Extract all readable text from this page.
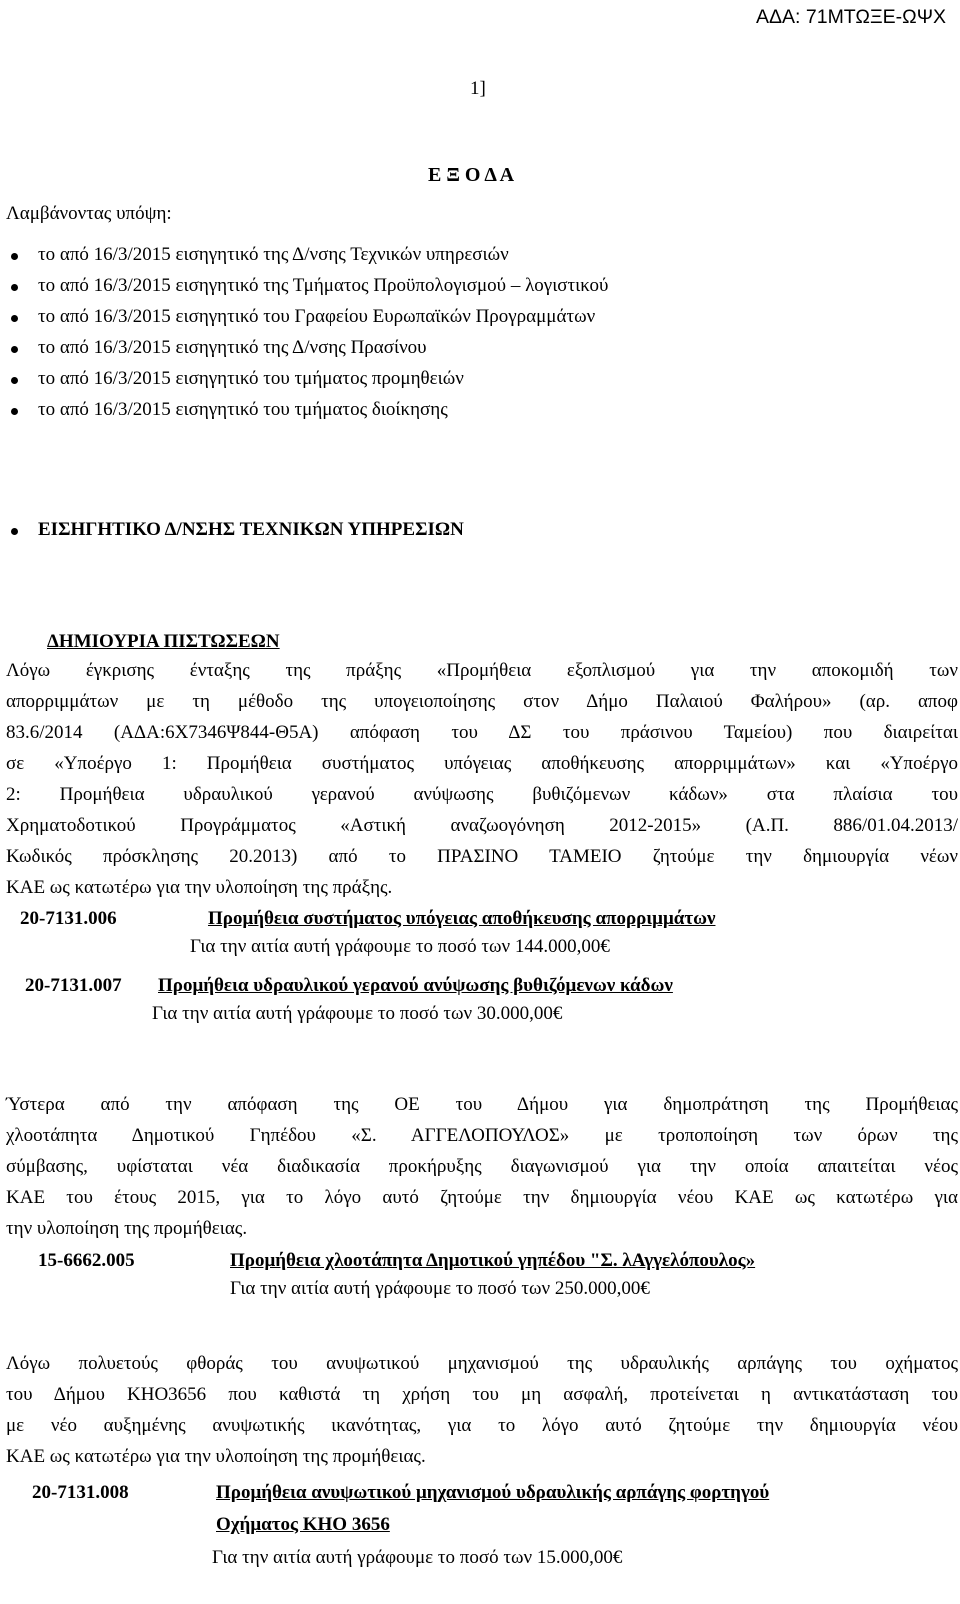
ΑΔΑ: 71ΜΤΩΞΕ-ΩΨΧ
1]
Ε Ξ Ο Δ Α
Λαμβάνοντας υπόψη:
το από 16/3/2015 εισηγητικό της Δ/νσης Τεχνικών υπηρεσιών
το από 16/3/2015 εισηγητικό της Τμήματος Προϋπολογισμού – λογιστικού
το από 16/3/2015 εισηγητικό του Γραφείου Ευρωπαϊκών Προγραμμάτων
το από 16/3/2015 εισηγητικό της Δ/νσης Πρασίνου
το από 16/3/2015 εισηγητικό του τμήματος προμηθειών
το από 16/3/2015 εισηγητικό του τμήματος διοίκησης
ΕΙΣΗΓΗΤΙΚΟ Δ/ΝΣΗΣ ΤΕΧΝΙΚΩΝ ΥΠΗΡΕΣΙΩΝ
ΔΗΜΙΟΥΡΙΑ ΠΙΣΤΩΣΕΩΝ
Λόγω έγκρισης ένταξης της πράξης «Προμήθεια εξοπλισμού για την αποκομιδή των
απορριμμάτων με τη μέθοδο της υπογειοποίησης στον Δήμο Παλαιού Φαλήρου» (αρ. αποφ
83.6/2014 (ΑΔΑ:6Χ7346Ψ844-Θ5Α) απόφαση του ΔΣ του πράσινου Ταμείου) που διαιρείται
σε «Υποέργο 1: Προμήθεια συστήματος υπόγειας αποθήκευσης απορριμμάτων» και «Υποέργο
2: Προμήθεια υδραυλικού γερανού ανύψωσης βυθιζόμενων κάδων» στα πλαίσια του
Χρηματοδοτικού Προγράμματος «Αστική αναζωογόνηση 2012-2015» (Α.Π. 886/01.04.2013/
Κωδικός πρόσκλησης 20.2013) από το ΠΡΑΣΙΝΟ ΤΑΜΕΙΟ ζητούμε την δημιουργία νέων
ΚΑΕ ως κατωτέρω για την υλοποίηση της πράξης.
20-7131.006	Προμήθεια συστήματος υπόγειας αποθήκευσης απορριμμάτων
Για την αιτία αυτή γράφουμε το ποσό των 144.000,00€
20-7131.007 Προμήθεια υδραυλικού γερανού ανύψωσης βυθιζόμενων κάδων
Για την αιτία αυτή γράφουμε το ποσό των 30.000,00€
Ύστερα από την απόφαση της ΟΕ του Δήμου για δημοπράτηση της Προμήθειας
χλοοτάπητα Δημοτικού Γηπέδου «Σ. ΑΓΓΕΛΟΠΟΥΛΟΣ» με τροποποίηση των όρων της
σύμβασης, υφίσταται νέα διαδικασία προκήρυξης διαγωνισμού για την οποία απαιτείται νέος
ΚΑΕ του έτους 2015, για το λόγο αυτό ζητούμε την δημιουργία νέου ΚΑΕ ως κατωτέρω για
την υλοποίηση της προμήθειας.
15-6662.005	Προμήθεια χλοοτάπητα Δημοτικού γηπέδου "Σ. λΑγγελόπουλος»
Για την αιτία αυτή γράφουμε το ποσό των 250.000,00€
Λόγω πολυετούς φθοράς του ανυψωτικού μηχανισμού της υδραυλικής αρπάγης του οχήματος
του Δήμου ΚΗΟ3656 που καθιστά τη χρήση του μη ασφαλή, προτείνεται η αντικατάσταση του
με νέο αυξημένης ανυψωτικής ικανότητας, για το λόγο αυτό ζητούμε την δημιουργία νέου
ΚΑΕ ως κατωτέρω για την υλοποίηση της προμήθειας.
20-7131.008	Προμήθεια ανυψωτικού μηχανισμού υδραυλικής αρπάγης φορτηγού
Οχήματος ΚΗΟ 3656
Για την αιτία αυτή γράφουμε το ποσό των 15.000,00€
